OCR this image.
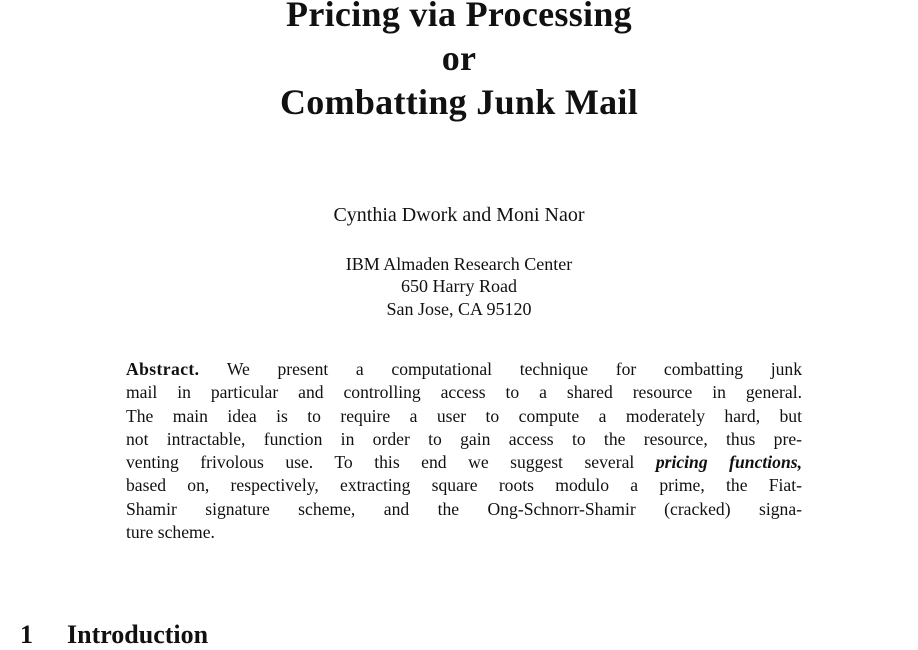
Pricing via Processing
or
Combatting Junk Mail
Cynthia Dwork and Moni Naor
IBM Almaden Research Center
650 Harry Road
San Jose, CA 95120
Abstract. We present a computational technique for combatting junk
mail in particular and controlling access to a shared resource in general.
The main idea is to require a user to compute a moderately hard, but
not intractable, function in order to gain access to the resource, thus pre-
venting frivolous use. To this end we suggest several pricing functions,
based on, respectively, extracting square roots modulo a prime, the Fiat-
Shamir signature scheme, and the Ong-Schnorr-Shamir (cracked) signa-
ture scheme.
1 Introduction
